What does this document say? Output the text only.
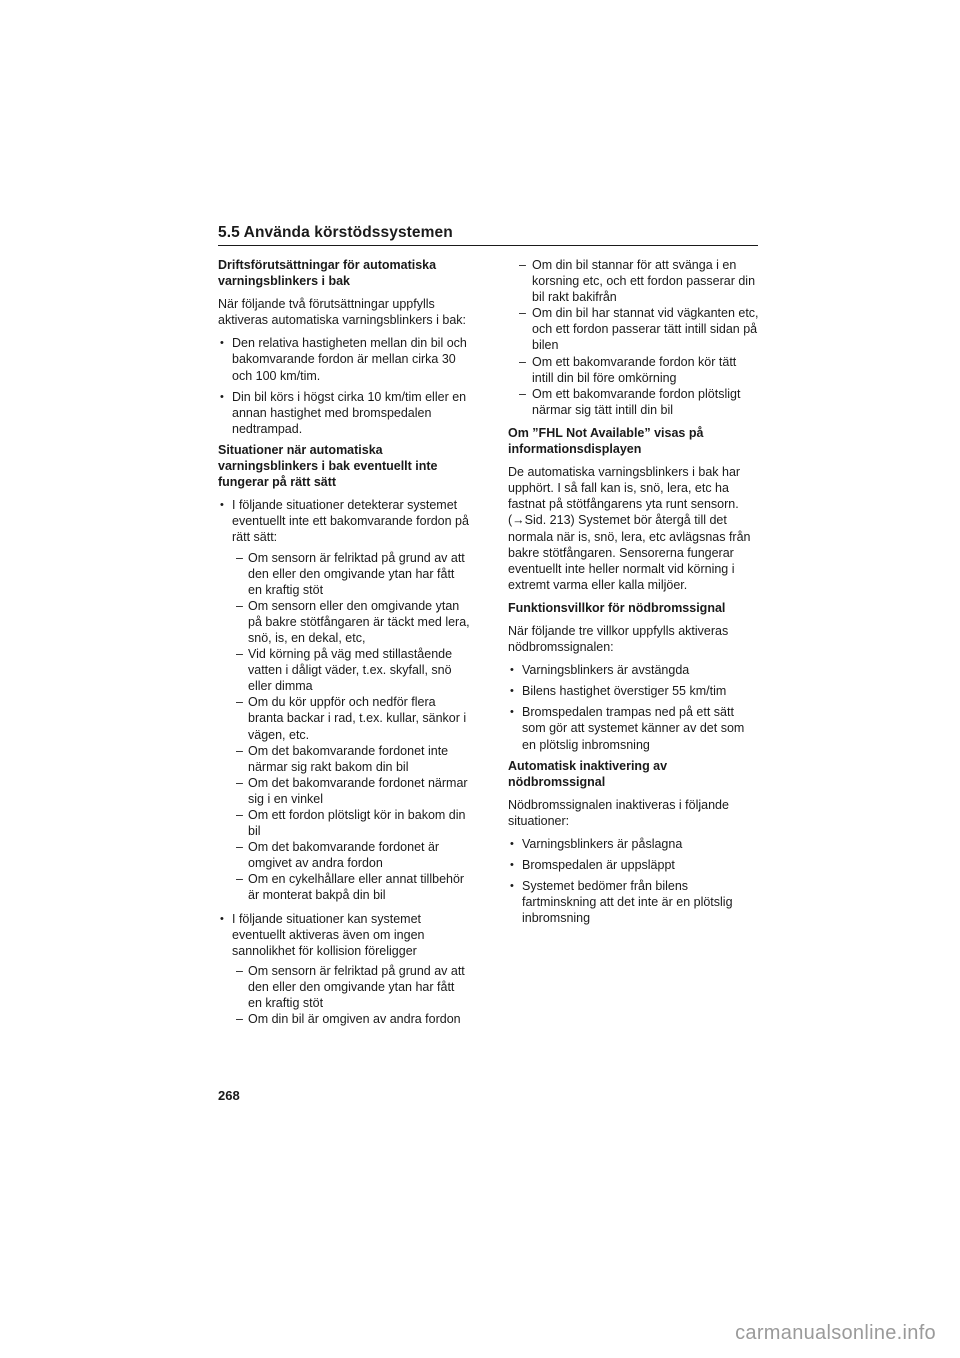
5.5 Använda körstödssystemen
Driftsförutsättningar för automatiska varningsblinkers i bak
När följande två förutsättningar uppfylls aktiveras automatiska varningsblinkers i bak:
• Den relativa hastigheten mellan din bil och bakomvarande fordon är mellan cirka 30 och 100 km/tim.
• Din bil körs i högst cirka 10 km/tim eller en annan hastighet med bromspedalen nedtrampad.
Situationer när automatiska varningsblinkers i bak eventuellt inte fungerar på rätt sätt
• I följande situationer detekterar systemet eventuellt inte ett bakomvarande fordon på rätt sätt:
– Om sensorn är felriktad på grund av att den eller den omgivande ytan har fått en kraftig stöt
– Om sensorn eller den omgivande ytan på bakre stötfångaren är täckt med lera, snö, is, en dekal, etc,
– Vid körning på väg med stillastående vatten i dåligt väder, t.ex. skyfall, snö eller dimma
– Om du kör uppför och nedför flera branta backar i rad, t.ex. kullar, sänkor i vägen, etc.
– Om det bakomvarande fordonet inte närmar sig rakt bakom din bil
– Om det bakomvarande fordonet närmar sig i en vinkel
– Om ett fordon plötsligt kör in bakom din bil
– Om det bakomvarande fordonet är omgivet av andra fordon
– Om en cykelhållare eller annat tillbehör är monterat bakpå din bil
• I följande situationer kan systemet eventuellt aktiveras även om ingen sannolikhet för kollision föreligger
– Om sensorn är felriktad på grund av att den eller den omgivande ytan har fått en kraftig stöt
– Om din bil är omgiven av andra fordon
– Om din bil stannar för att svänga i en korsning etc, och ett fordon passerar din bil rakt bakifrån
– Om din bil har stannat vid vägkanten etc, och ett fordon passerar tätt intill sidan på bilen
– Om ett bakomvarande fordon kör tätt intill din bil före omkörning
– Om ett bakomvarande fordon plötsligt närmar sig tätt intill din bil
Om ”FHL Not Available” visas på informationsdisplayen
De automatiska varningsblinkers i bak har upphört. I så fall kan is, snö, lera, etc ha fastnat på stötfångarens yta runt sensorn. (→Sid. 213) Systemet bör återgå till det normala när is, snö, lera, etc avlägsnas från bakre stötfångaren. Sensorerna fungerar eventuellt inte heller normalt vid körning i extremt varma eller kalla miljöer.
Funktionsvillkor för nödbromssignal
När följande tre villkor uppfylls aktiveras nödbromssignalen:
• Varningsblinkers är avstängda
• Bilens hastighet överstiger 55 km/tim
• Bromspedalen trampas ned på ett sätt som gör att systemet känner av det som en plötslig inbromsning
Automatisk inaktivering av nödbromssignal
Nödbromssignalen inaktiveras i följande situationer:
• Varningsblinkers är påslagna
• Bromspedalen är uppsläppt
• Systemet bedömer från bilens fartminskning att det inte är en plötslig inbromsning
268
carmanualsonline.info
